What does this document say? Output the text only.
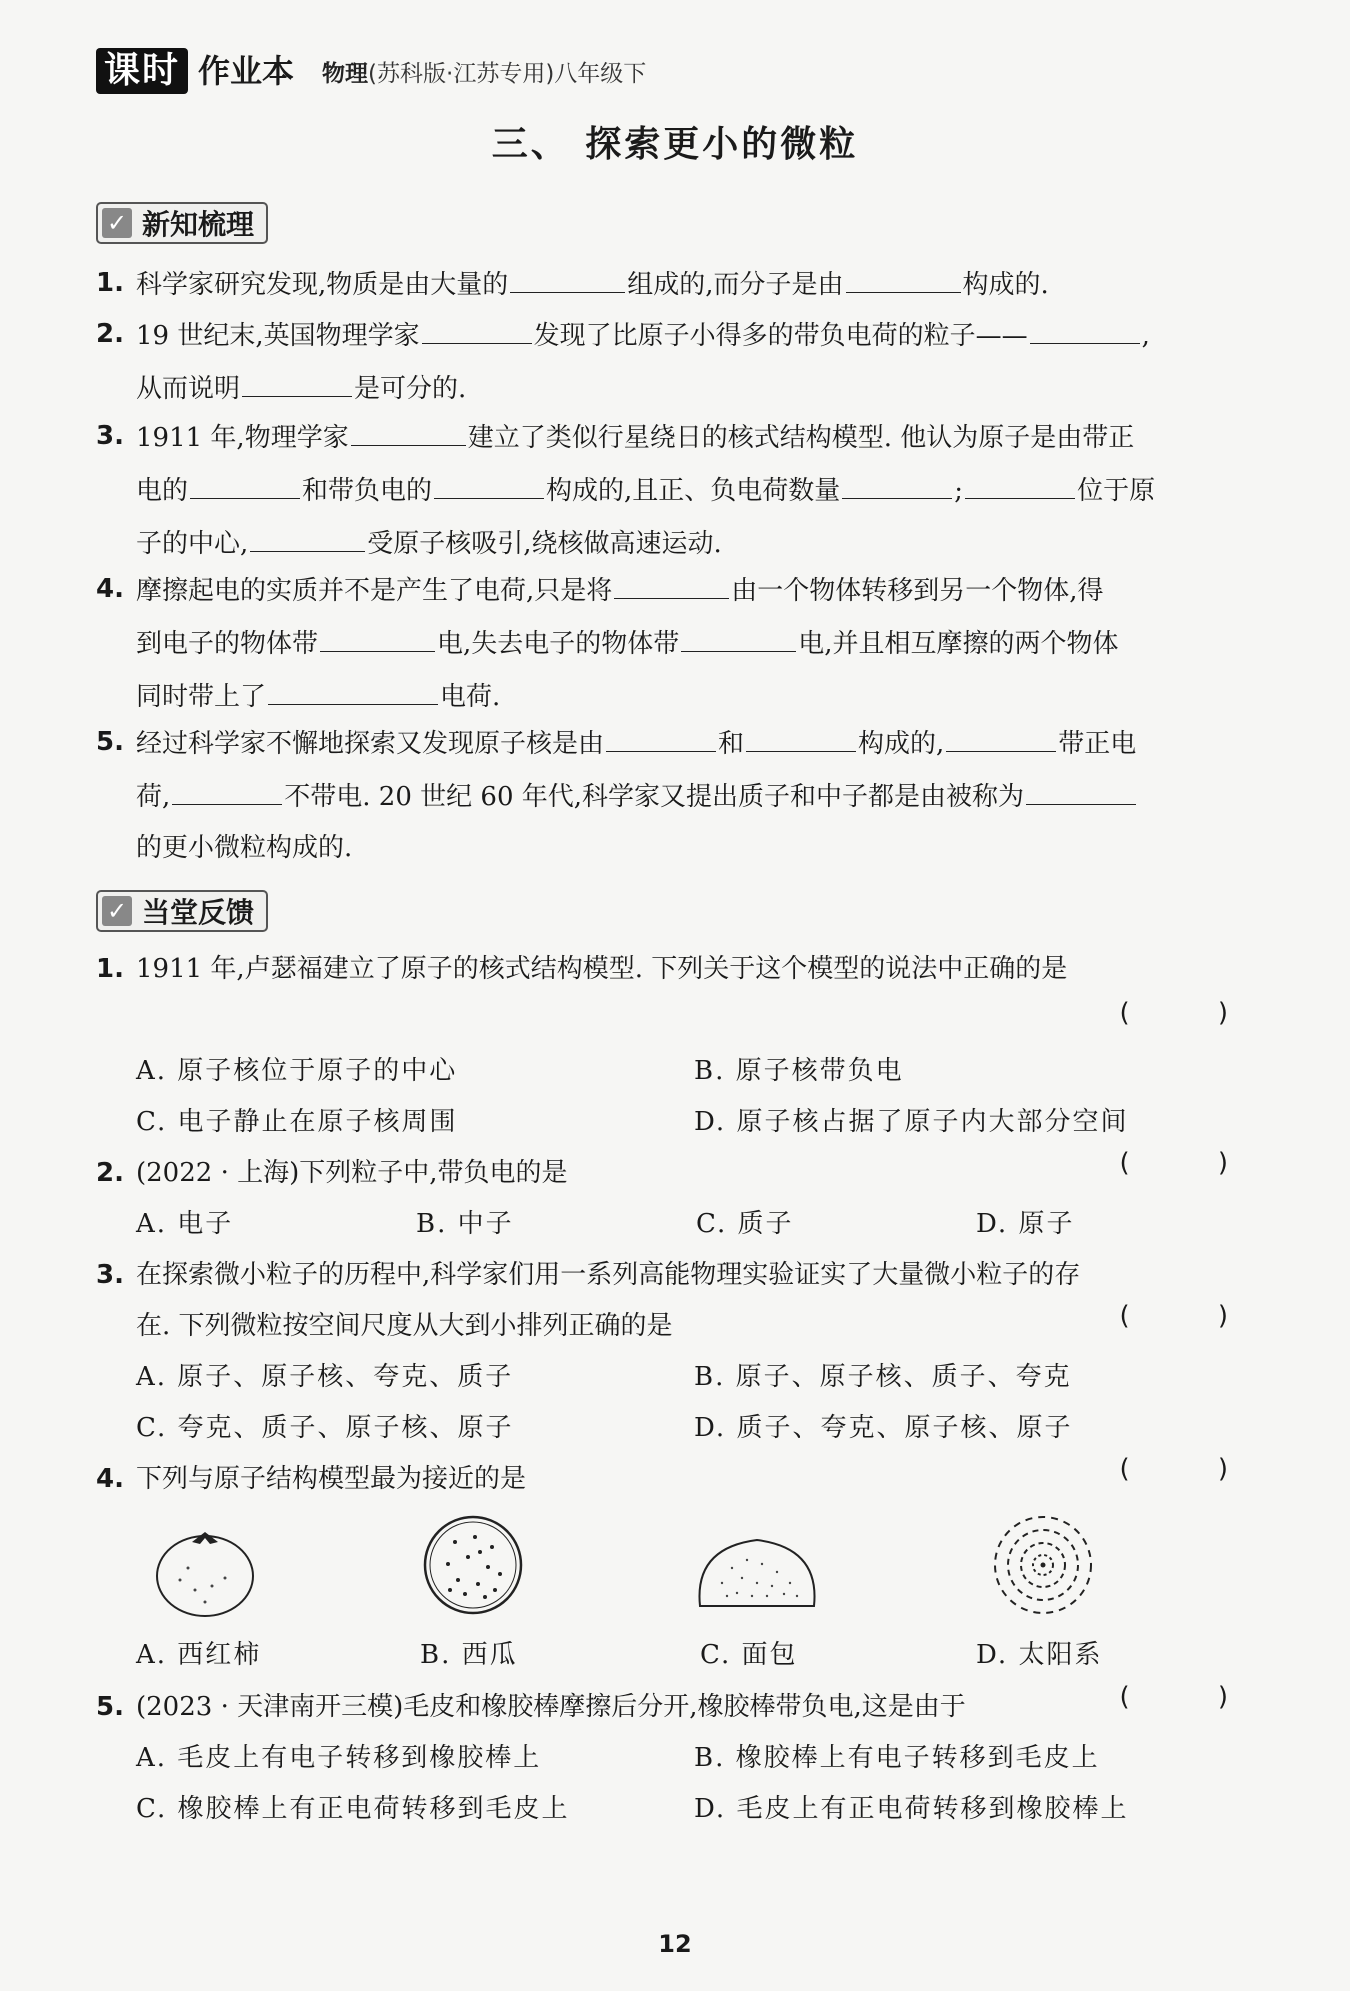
课时 作业本 物理(苏科版·江苏专用)八年级下
三、 探索更小的微粒
✓ 新知梳理
1. 科学家研究发现,物质是由大量的	组成的,而分子是由	构成的.
2. 19 世纪末,英国物理学家	发现了比原子小得多的带负电荷的粒子——	,
从而说明	是可分的.
3. 1911 年,物理学家	建立了类似行星绕日的核式结构模型. 他认为原子是由带正
电的	和带负电的	构成的,且正、负电荷数量	;	位于原
子的中心,	受原子核吸引,绕核做高速运动.
4. 摩擦起电的实质并不是产生了电荷,只是将	由一个物体转移到另一个物体,得
到电子的物体带	电,失去电子的物体带	电,并且相互摩擦的两个物体
同时带上了	电荷.
5. 经过科学家不懈地探索又发现原子核是由	和	构成的,	带正电
荷,	不带电. 20 世纪 60 年代,科学家又提出质子和中子都是由被称为
的更小微粒构成的.
✓ 当堂反馈
1. 1911 年,卢瑟福建立了原子的核式结构模型. 下列关于这个模型的说法中正确的是
( )
A. 原子核位于原子的中心	B. 原子核带负电
C. 电子静止在原子核周围	D. 原子核占据了原子内大部分空间
2. (2022 · 上海)下列粒子中,带负电的是	( )
A. 电子	B. 中子	C. 质子	D. 原子
3. 在探索微小粒子的历程中,科学家们用一系列高能物理实验证实了大量微小粒子的存
在. 下列微粒按空间尺度从大到小排列正确的是	( )
A. 原子、原子核、夸克、质子	B. 原子、原子核、质子、夸克
C. 夸克、质子、原子核、原子	D. 质子、夸克、原子核、原子
4. 下列与原子结构模型最为接近的是	( )
A. 西红柿	B. 西瓜	C. 面包	D. 太阳系
5. (2023 · 天津南开三模)毛皮和橡胶棒摩擦后分开,橡胶棒带负电,这是由于	( )
A. 毛皮上有电子转移到橡胶棒上	B. 橡胶棒上有电子转移到毛皮上
C. 橡胶棒上有正电荷转移到毛皮上	D. 毛皮上有正电荷转移到橡胶棒上
12
